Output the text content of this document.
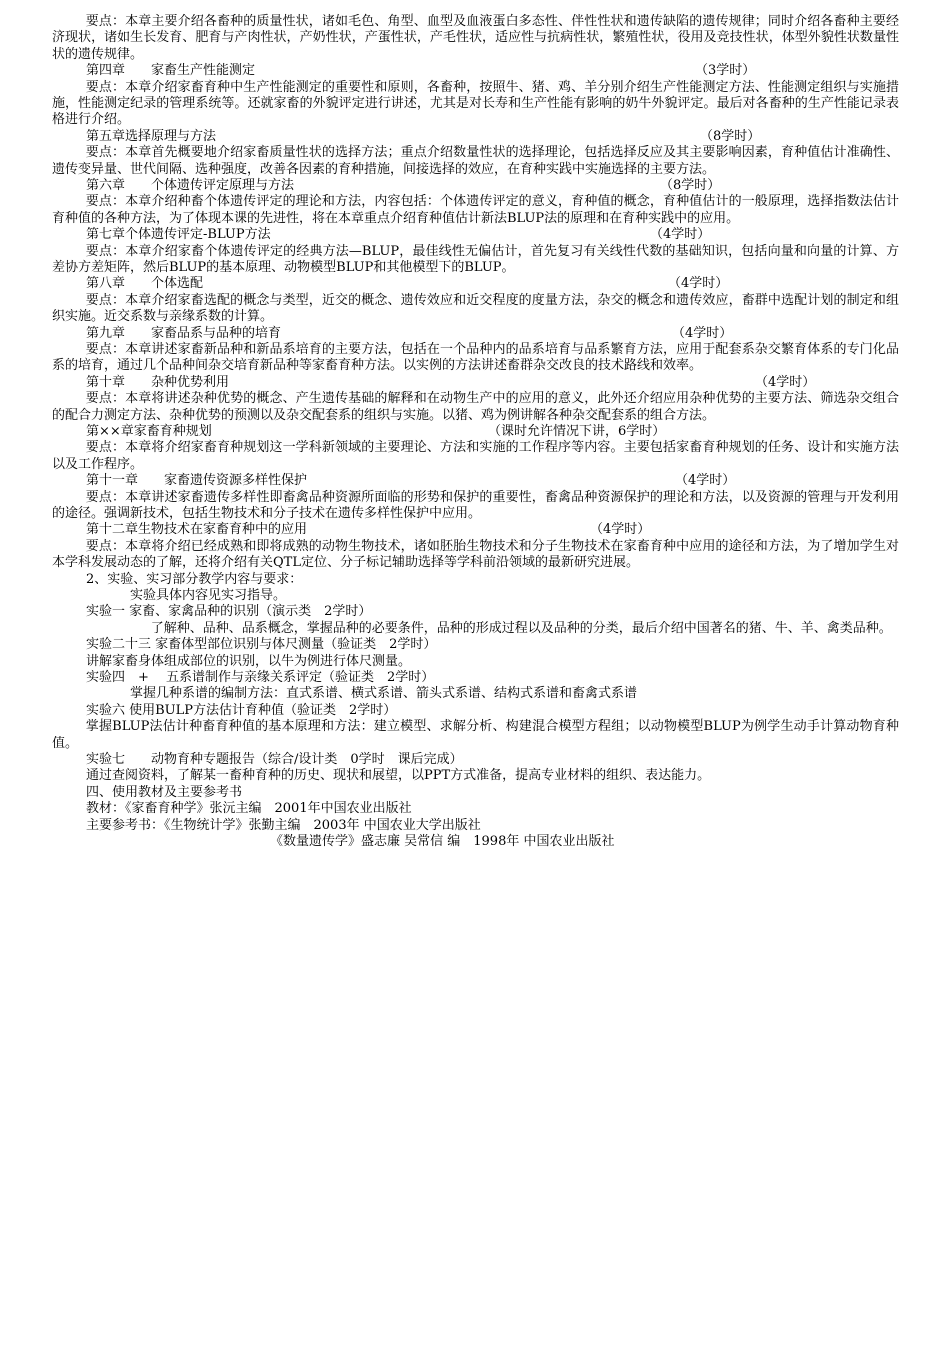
要点：本章主要介绍各畜种的质量性状，诸如毛色、角型、血型及血液蛋白多态性、伴性性状和遗传缺陷的遗传规律；同时介绍各畜种主要经济现状，诸如生长发育、肥育与产肉性状，产奶性状，产蛋性状，产毛性状，适应性与抗病性状，繁殖性状，役用及竞技性状，体型外貌性状数量性状的遗传规律。
第四章　　家畜生产性能测定	（3学时）
要点：本章介绍家畜育种中生产性能测定的重要性和原则，各畜种，按照牛、猪、鸡、羊分别介绍生产性能测定方法、性能测定组织与实施措施，性能测定纪录的管理系统等。还就家畜的外貌评定进行讲述，尤其是对长寿和生产性能有影响的奶牛外貌评定。最后对各畜种的生产性能记录表格进行介绍。
第五章选择原理与方法	（8学时）
要点：本章首先概要地介绍家畜质量性状的选择方法；重点介绍数量性状的选择理论，包括选择反应及其主要影响因素，育种值估计准确性、遗传变异量、世代间隔、选种强度，改善各因素的育种措施，间接选择的效应，在育种实践中实施选择的主要方法。
第六章　　个体遗传评定原理与方法	（8学时）
要点：本章介绍种畜个体遗传评定的理论和方法，内容包括：个体遗传评定的意义，育种值的概念，育种值估计的一般原理，选择指数法估计育种值的各种方法，为了体现本课的先进性，将在本章重点介绍育种值估计新法BLUP法的原理和在育种实践中的应用。
第七章个体遗传评定-BLUP方法	（4学时）
要点：本章介绍家畜个体遗传评定的经典方法—BLUP，最佳线性无偏估计，首先复习有关线性代数的基础知识，包括向量和向量的计算、方差协方差矩阵，然后BLUP的基本原理、动物模型BLUP和其他模型下的BLUP。
第八章　　个体选配	（4学时）
要点：本章介绍家畜选配的概念与类型，近交的概念、遗传效应和近交程度的度量方法，杂交的概念和遗传效应，畜群中选配计划的制定和组织实施。近交系数与亲缘系数的计算。
第九章　　家畜品系与品种的培育	（4学时）
要点：本章讲述家畜新品种和新品系培育的主要方法，包括在一个品种内的品系培育与品系繁育方法，应用于配套系杂交繁育体系的专门化品系的培育，通过几个品种间杂交培育新品种等家畜育种方法。以实例的方法讲述畜群杂交改良的技术路线和效率。
第十章　　杂种优势利用	（4学时）
要点：本章将讲述杂种优势的概念、产生遗传基础的解释和在动物生产中的应用的意义，此外还介绍应用杂种优势的主要方法、筛选杂交组合的配合力测定方法、杂种优势的预测以及杂交配套系的组织与实施。以猪、鸡为例讲解各种杂交配套系的组合方法。
第××章家畜育种规划	（课时允许情况下讲，6学时）
要点：本章将介绍家畜育种规划这一学科新领域的主要理论、方法和实施的工作程序等内容。主要包括家畜育种规划的任务、设计和实施方法以及工作程序。
第十一章　　家畜遗传资源多样性保护	（4学时）
要点：本章讲述家畜遗传多样性即畜禽品种资源所面临的形势和保护的重要性，畜禽品种资源保护的理论和方法，以及资源的管理与开发利用的途径。强调新技术，包括生物技术和分子技术在遗传多样性保护中应用。
第十二章生物技术在家畜育种中的应用	（4学时）
要点：本章将介绍已经成熟和即将成熟的动物生物技术，诸如胚胎生物技术和分子生物技术在家畜育种中应用的途径和方法，为了增加学生对本学科发展动态的了解，还将介绍有关QTL定位、分子标记辅助选择等学科前沿领域的最新研究进展。
2、实验、实习部分教学内容与要求：
实验具体内容见实习指导。
实验一 家畜、家禽品种的识别（演示类　2学时）
　　　　　了解种、品种、品系概念，掌握品种的必要条件，品种的形成过程以及品种的分类，最后介绍中国著名的猪、牛、羊、禽类品种。
实验二十三 家畜体型部位识别与体尺测量（验证类　2学时）
讲解家畜身体组成部位的识别，以牛为例进行体尺测量。
实验四　+　 五系谱制作与亲缘关系评定（验证类　2学时）
掌握几种系谱的编制方法：直式系谱、横式系谱、箭头式系谱、结构式系谱和畜禽式系谱
实验六 使用BULP方法估计育种值（验证类　2学时）
掌握BLUP法估计种畜育种值的基本原理和方法：建立模型、求解分析、构建混合模型方程组；以动物模型BLUP为例学生动手计算动物育种值。
实验七　　动物育种专题报告（综合/设计类　0学时　课后完成）
通过查阅资料，了解某一畜种育种的历史、现状和展望，以PPT方式准备，提高专业材料的组织、表达能力。
四、使用教材及主要参考书
教材：《家畜育种学》张沅主编　2001年中国农业出版社
主要参考书：《生物统计学》张勤主编　2003年 中国农业大学出版社
《数量遗传学》盛志廉 吴常信 编　1998年 中国农业出版社
